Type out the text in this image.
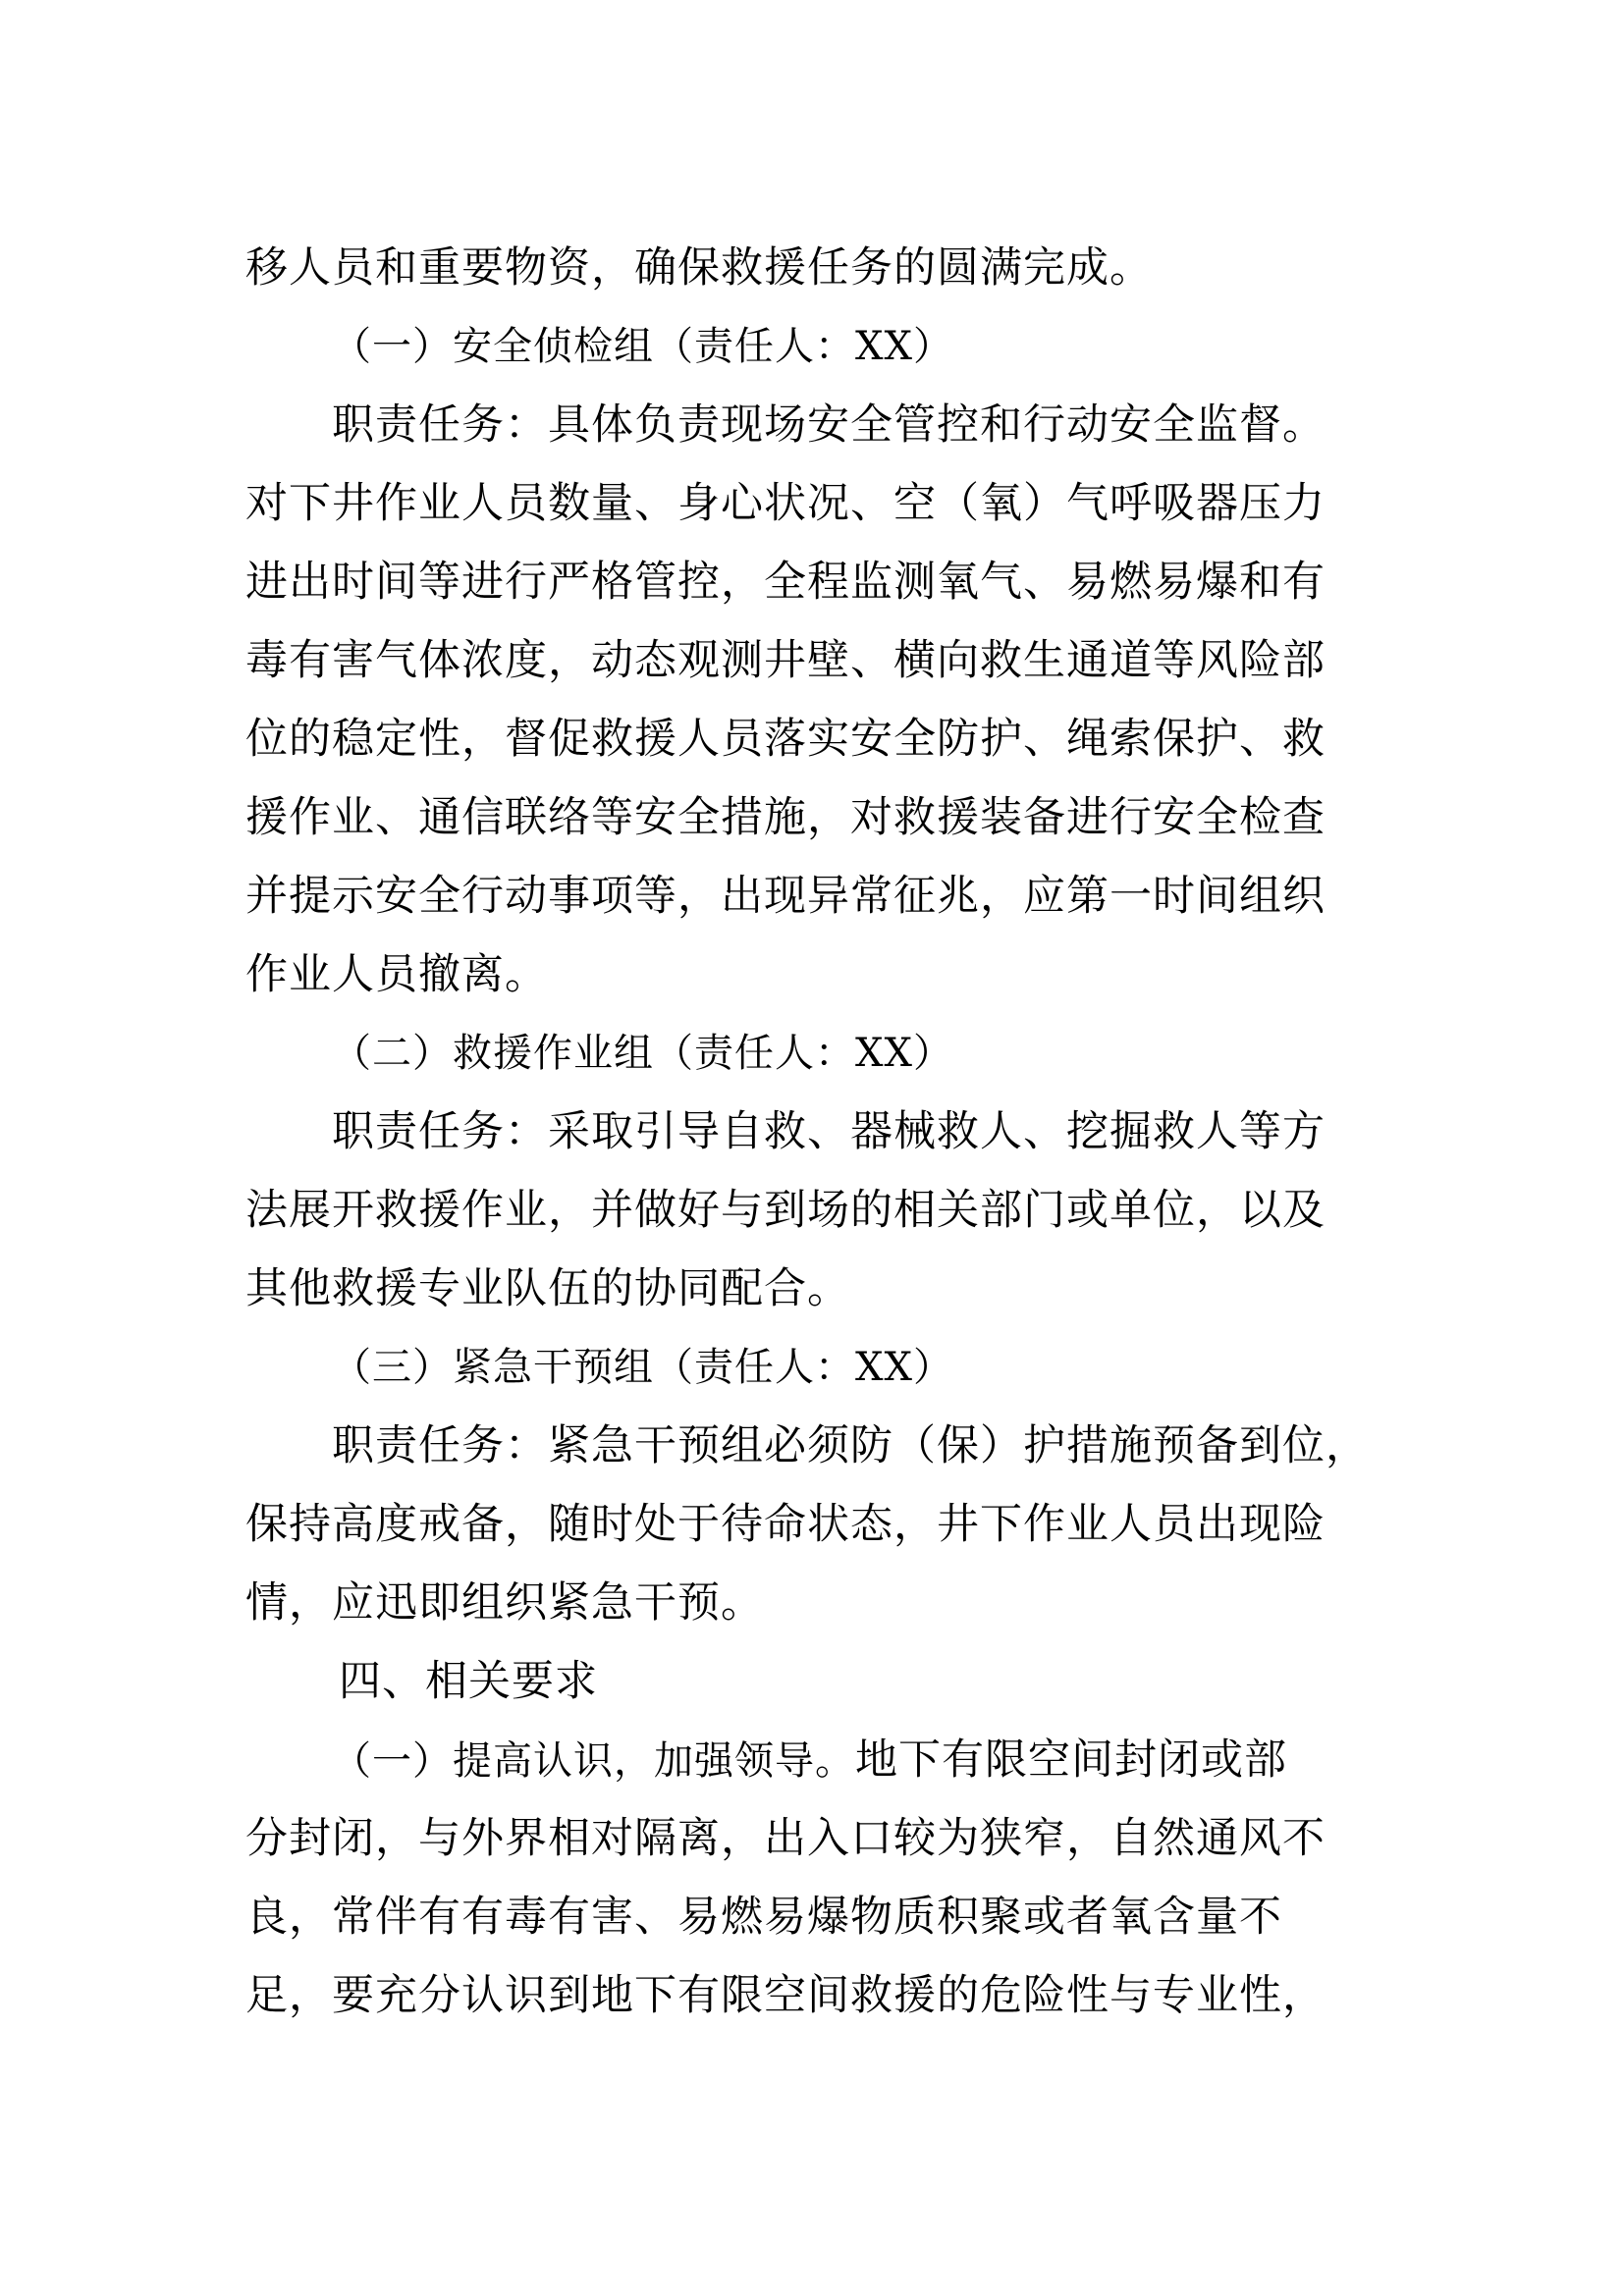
移人员和重要物资，确保救援任务的圆满完成。
（一）安全侦检组（责任人：XX）
职责任务：具体负责现场安全管控和行动安全监督。
对下井作业人员数量、身心状况、空（氧）气呼吸器压力
进出时间等进行严格管控，全程监测氧气、易燃易爆和有
毒有害气体浓度，动态观测井壁、横向救生通道等风险部
位的稳定性，督促救援人员落实安全防护、绳索保护、救
援作业、通信联络等安全措施，对救援装备进行安全检查
并提示安全行动事项等，出现异常征兆，应第一时间组织
作业人员撤离。
（二）救援作业组（责任人：XX）
职责任务：采取引导自救、器械救人、挖掘救人等方
法展开救援作业，并做好与到场的相关部门或单位，以及
其他救援专业队伍的协同配合。
（三）紧急干预组（责任人：XX）
职责任务：紧急干预组必须防（保）护措施预备到位，
保持高度戒备，随时处于待命状态，井下作业人员出现险
情，应迅即组织紧急干预。
四、相关要求
（一）提高认识，加强领导。地下有限空间封闭或部
分封闭，与外界相对隔离，出入口较为狭窄，自然通风不
良，常伴有有毒有害、易燃易爆物质积聚或者氧含量不
足，要充分认识到地下有限空间救援的危险性与专业性，
